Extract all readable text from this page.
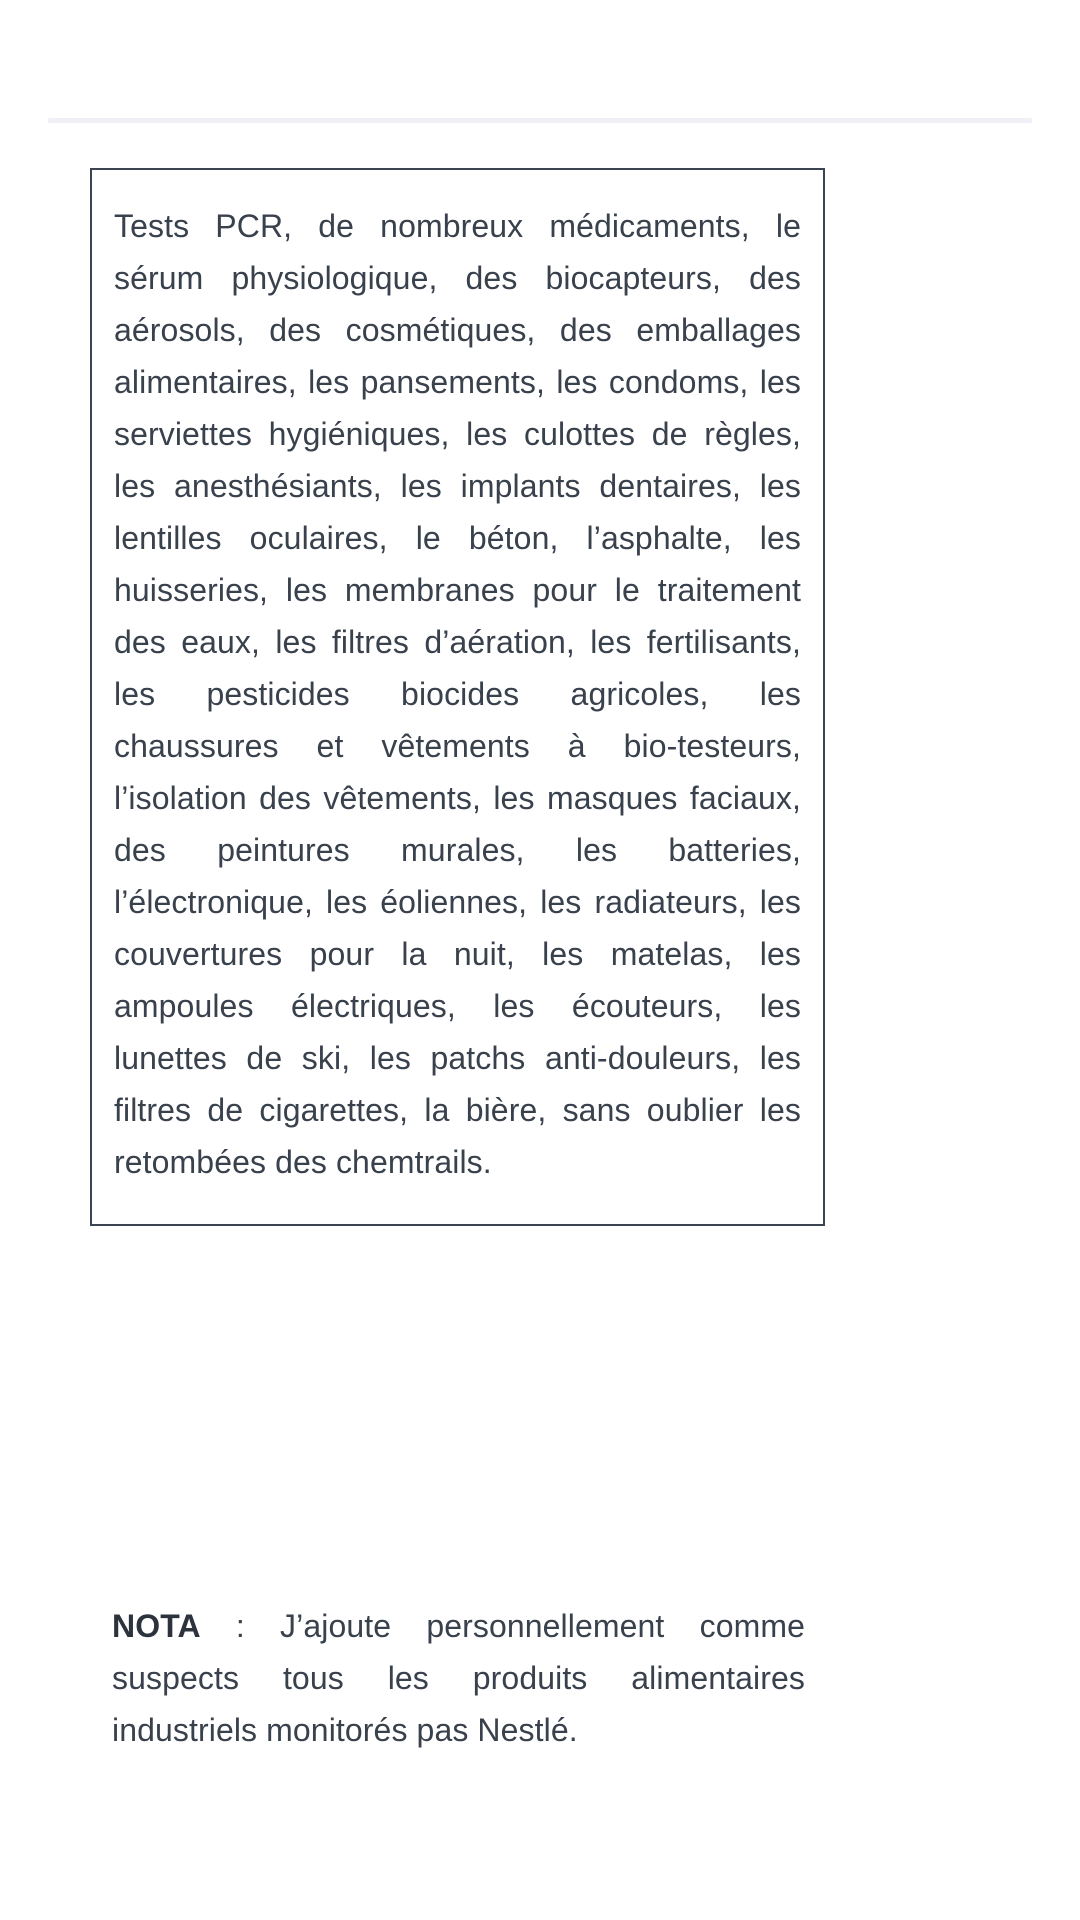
Tests PCR, de nombreux médicaments, le sérum physiologique, des biocapteurs, des aérosols, des cosmétiques, des emballages alimentaires, les pansements, les condoms, les serviettes hygiéniques, les culottes de règles, les anesthésiants, les implants dentaires, les lentilles oculaires, le béton, l’asphalte, les huisseries, les membranes pour le traitement des eaux, les filtres d’aération, les fertilisants, les pesticides biocides agricoles, les chaussures et vêtements à bio-testeurs, l’isolation des vêtements, les masques faciaux, des peintures murales, les batteries, l’électronique, les éoliennes, les radiateurs, les couvertures pour la nuit, les matelas, les ampoules électriques, les écouteurs, les lunettes de ski, les patchs anti-douleurs, les filtres de cigarettes, la bière, sans oublier les retombées des chemtrails.

NOTA : J’ajoute personnellement comme suspects tous les produits alimentaires industriels monitorés pas Nestlé.
